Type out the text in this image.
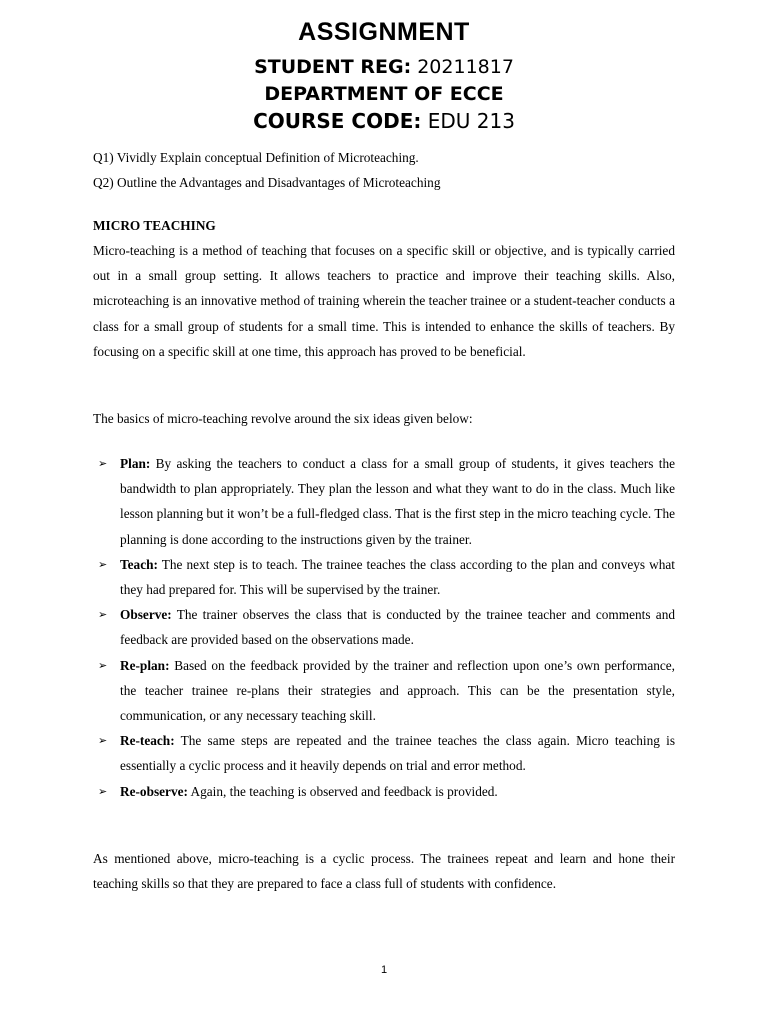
ASSIGNMENT
STUDENT REG: 20211817
DEPARTMENT OF ECCE
COURSE CODE: EDU 213
Q1) Vividly Explain conceptual Definition of Microteaching.
Q2) Outline the Advantages and Disadvantages of Microteaching
MICRO TEACHING
Micro-teaching is a method of teaching that focuses on a specific skill or objective, and is typically carried out in a small group setting. It allows teachers to practice and improve their teaching skills. Also, microteaching is an innovative method of training wherein the teacher trainee or a student-teacher conducts a class for a small group of students for a small time. This is intended to enhance the skills of teachers. By focusing on a specific skill at one time, this approach has proved to be beneficial.
The basics of micro-teaching revolve around the six ideas given below:
➢ Plan: By asking the teachers to conduct a class for a small group of students, it gives teachers the bandwidth to plan appropriately. They plan the lesson and what they want to do in the class. Much like lesson planning but it won’t be a full-fledged class. That is the first step in the micro teaching cycle. The planning is done according to the instructions given by the trainer.
➢ Teach: The next step is to teach. The trainee teaches the class according to the plan and conveys what they had prepared for. This will be supervised by the trainer.
➢ Observe: The trainer observes the class that is conducted by the trainee teacher and comments and feedback are provided based on the observations made.
➢ Re-plan: Based on the feedback provided by the trainer and reflection upon one’s own performance, the teacher trainee re-plans their strategies and approach. This can be the presentation style, communication, or any necessary teaching skill.
➢ Re-teach: The same steps are repeated and the trainee teaches the class again. Micro teaching is essentially a cyclic process and it heavily depends on trial and error method.
➢ Re-observe: Again, the teaching is observed and feedback is provided.
As mentioned above, micro-teaching is a cyclic process. The trainees repeat and learn and hone their teaching skills so that they are prepared to face a class full of students with confidence.
1
